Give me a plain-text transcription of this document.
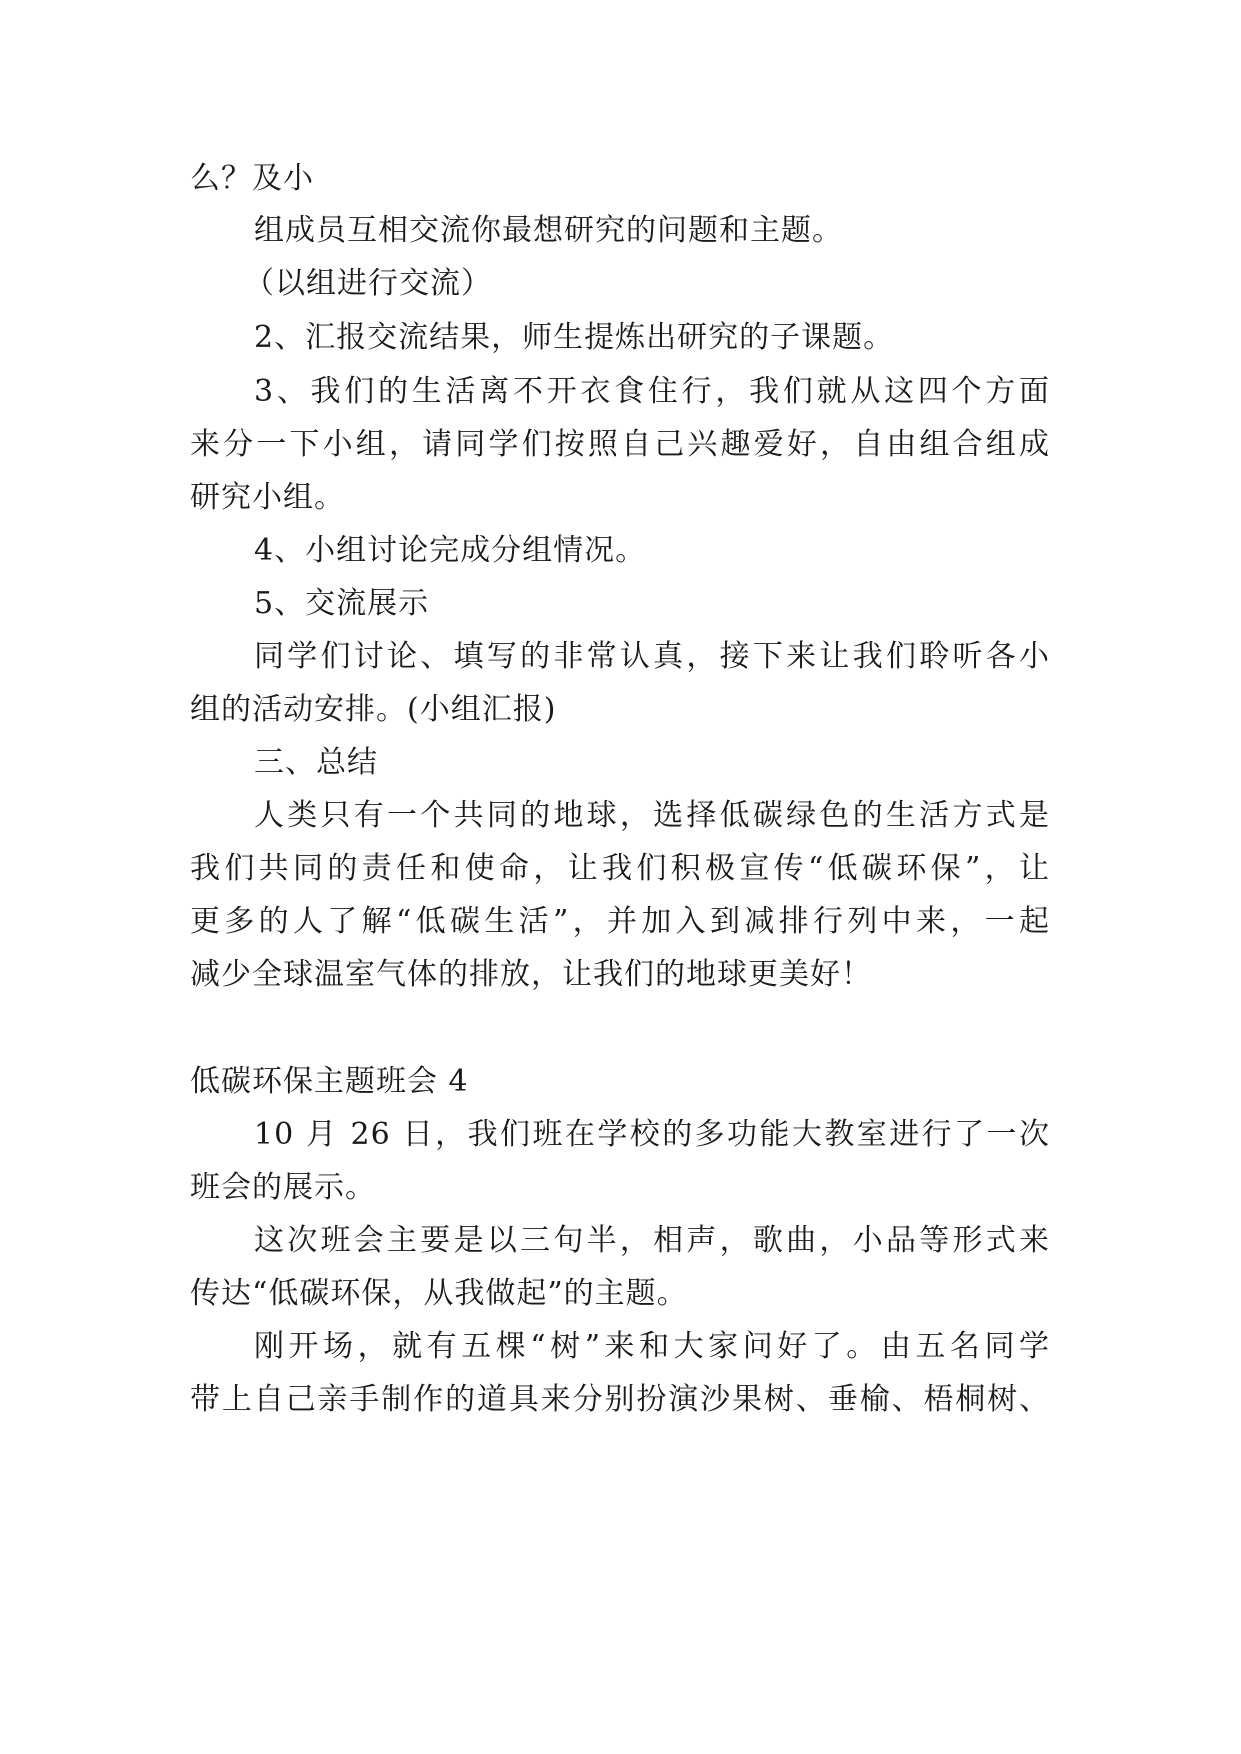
么？及小
组成员互相交流你最想研究的问题和主题。
（以组进行交流）
2、汇报交流结果，师生提炼出研究的子课题。
3、我们的生活离不开衣食住行，我们就从这四个方面
来分一下小组，请同学们按照自己兴趣爱好，自由组合组成
研究小组。
4、小组讨论完成分组情况。
5、交流展示
同学们讨论、填写的非常认真，接下来让我们聆听各小
组的活动安排。(小组汇报)
三、总结
人类只有一个共同的地球，选择低碳绿色的生活方式是
我们共同的责任和使命，让我们积极宣传“低碳环保”，让
更多的人了解“低碳生活”，并加入到减排行列中来，一起
减少全球温室气体的排放，让我们的地球更美好！
低碳环保主题班会 4
10 月 26 日，我们班在学校的多功能大教室进行了一次
班会的展示。
这次班会主要是以三句半，相声，歌曲，小品等形式来
传达“低碳环保，从我做起”的主题。
刚开场，就有五棵“树”来和大家问好了。由五名同学
带上自己亲手制作的道具来分别扮演沙果树、垂榆、梧桐树、
